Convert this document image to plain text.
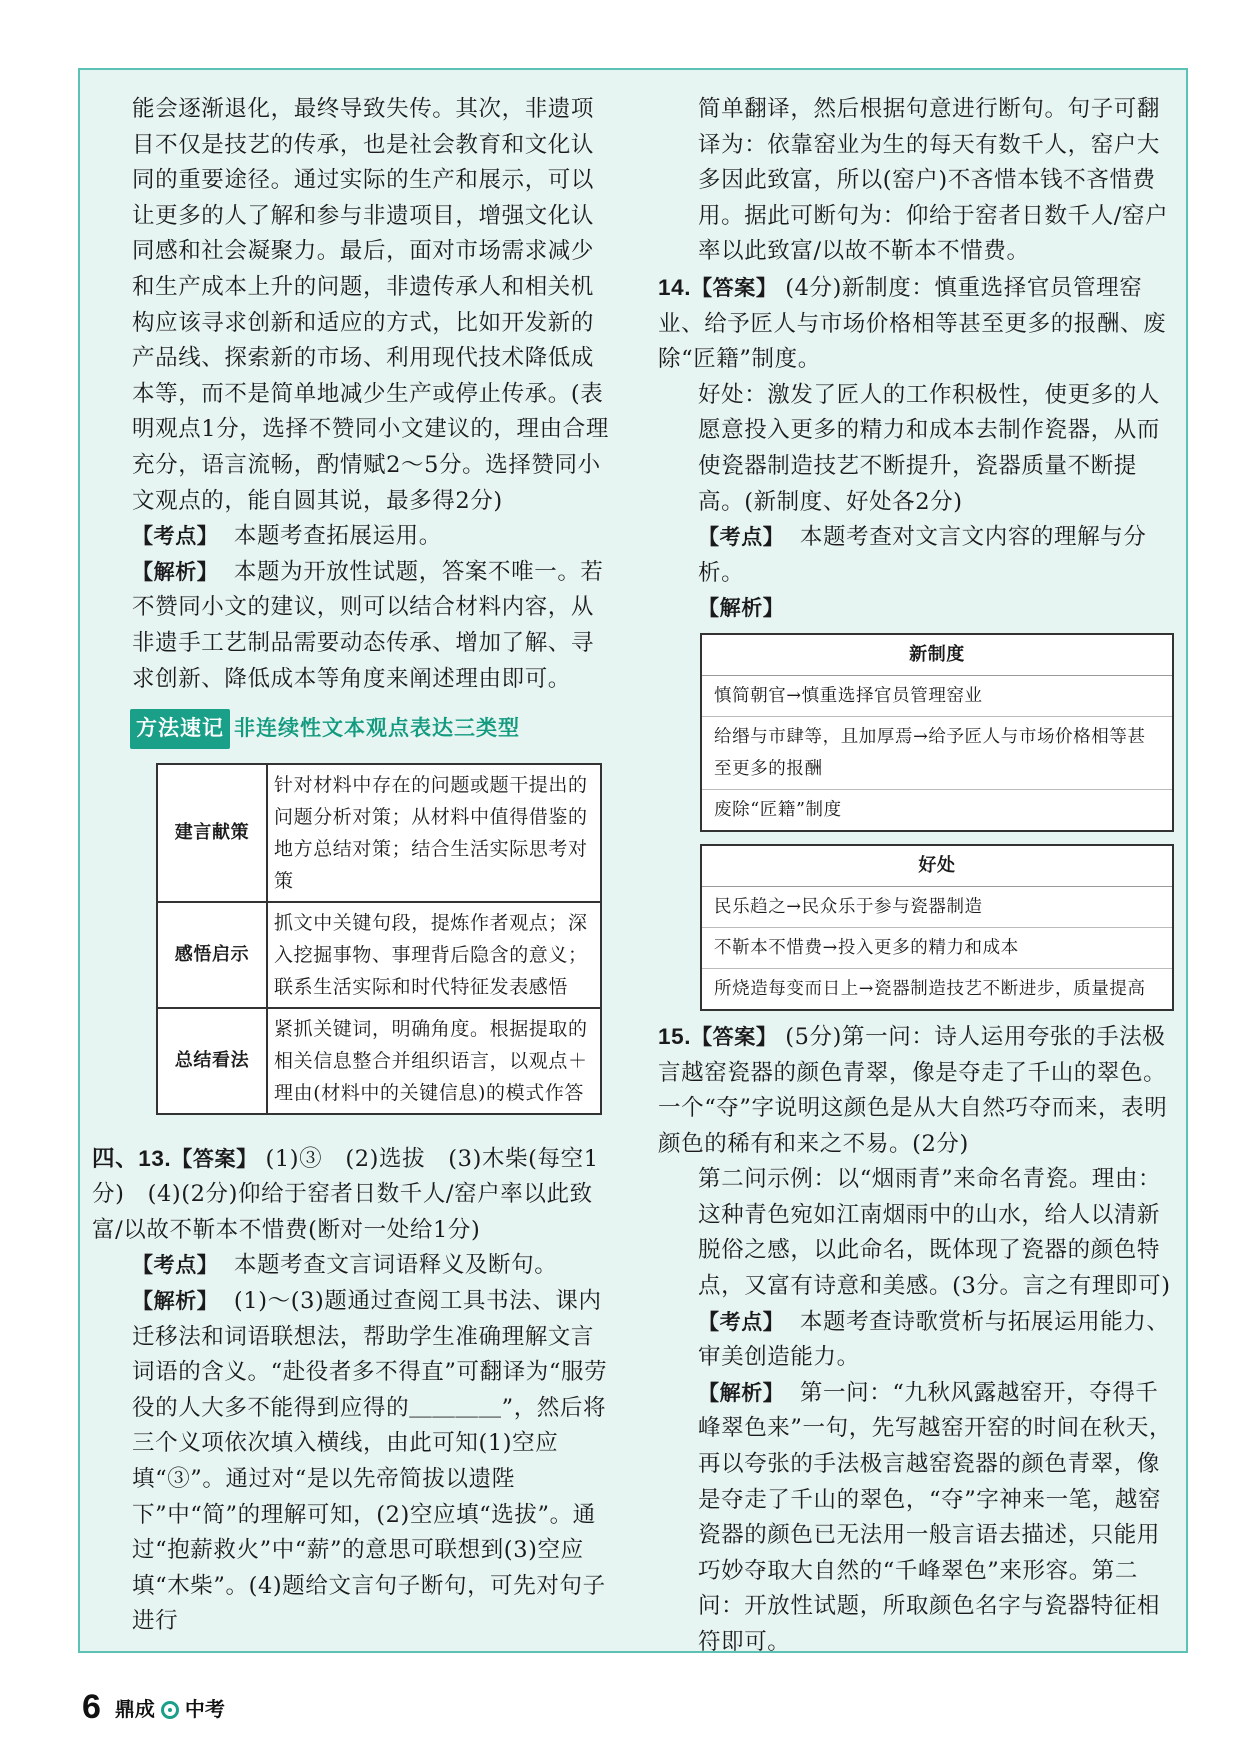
能会逐渐退化，最终导致失传。其次，非遗项目不仅是技艺的传承，也是社会教育和文化认同的重要途径。通过实际的生产和展示，可以让更多的人了解和参与非遗项目，增强文化认同感和社会凝聚力。最后，面对市场需求减少和生产成本上升的问题，非遗传承人和相关机构应该寻求创新和适应的方式，比如开发新的产品线、探索新的市场、利用现代技术降低成本等，而不是简单地减少生产或停止传承。(表明观点1分，选择不赞同小文建议的，理由合理充分，语言流畅，酌情赋2～5分。选择赞同小文观点的，能自圆其说，最多得2分)

【考点】 本题考查拓展运用。

【解析】 本题为开放性试题，答案不唯一。若不赞同小文的建议，则可以结合材料内容，从非遗手工艺制品需要动态传承、增加了解、寻求创新、降低成本等角度来阐述理由即可。

方法速记 非连续性文本观点表达三类型
建言献策	针对材料中存在的问题或题干提出的问题分析对策；从材料中值得借鉴的地方总结对策；结合生活实际思考对策
感悟启示	抓文中关键句段，提炼作者观点；深入挖掘事物、事理背后隐含的意义；联系生活实际和时代特征发表感悟
总结看法	紧抓关键词，明确角度。根据提取的相关信息整合并组织语言，以观点＋理由(材料中的关键信息)的模式作答

四、13.【答案】 (1)③　(2)选拔　(3)木柴(每空1分)　(4)(2分)仰给于窑者日数千人/窑户率以此致富/以故不靳本不惜费(断对一处给1分)

【考点】 本题考查文言词语释义及断句。

【解析】 (1)～(3)题通过查阅工具书法、课内迁移法和词语联想法，帮助学生准确理解文言词语的含义。“赴役者多不得直”可翻译为“服劳役的人大多不能得到应得的＿＿＿＿”，然后将三个义项依次填入横线，由此可知(1)空应填“③”。通过对“是以先帝简拔以遗陛下”中“简”的理解可知，(2)空应填“选拔”。通过“抱薪救火”中“薪”的意思可联想到(3)空应填“木柴”。(4)题给文言句子断句，可先对句子进行

简单翻译，然后根据句意进行断句。句子可翻译为：依靠窑业为生的每天有数千人，窑户大多因此致富，所以(窑户)不吝惜本钱不吝惜费用。据此可断句为：仰给于窑者日数千人/窑户率以此致富/以故不靳本不惜费。

14.【答案】 (4分)新制度：慎重选择官员管理窑业、给予匠人与市场价格相等甚至更多的报酬、废除“匠籍”制度。

好处：激发了匠人的工作积极性，使更多的人愿意投入更多的精力和成本去制作瓷器，从而使瓷器制造技艺不断提升，瓷器质量不断提高。(新制度、好处各2分)

【考点】 本题考查对文言文内容的理解与分析。

【解析】

新制度
慎简朝官→慎重选择官员管理窑业
给缗与市肆等，且加厚焉→给予匠人与市场价格相等甚至更多的报酬
废除“匠籍”制度
好处
民乐趋之→民众乐于参与瓷器制造
不靳本不惜费→投入更多的精力和成本
所烧造每变而日上→瓷器制造技艺不断进步，质量提高

15.【答案】 (5分)第一问：诗人运用夸张的手法极言越窑瓷器的颜色青翠，像是夺走了千山的翠色。一个“夺”字说明这颜色是从大自然巧夺而来，表明颜色的稀有和来之不易。(2分)

第二问示例：以“烟雨青”来命名青瓷。理由：这种青色宛如江南烟雨中的山水，给人以清新脱俗之感，以此命名，既体现了瓷器的颜色特点，又富有诗意和美感。(3分。言之有理即可)

【考点】 本题考查诗歌赏析与拓展运用能力、审美创造能力。

【解析】 第一问：“九秋风露越窑开，夺得千峰翠色来”一句，先写越窑开窑的时间在秋天，再以夸张的手法极言越窑瓷器的颜色青翠，像是夺走了千山的翠色，“夺”字神来一笔，越窑瓷器的颜色已无法用一般言语去描述，只能用巧妙夺取大自然的“千峰翠色”来形容。第二问：开放性试题，所取颜色名字与瓷器特征相符即可。

6 鼎成 中考
